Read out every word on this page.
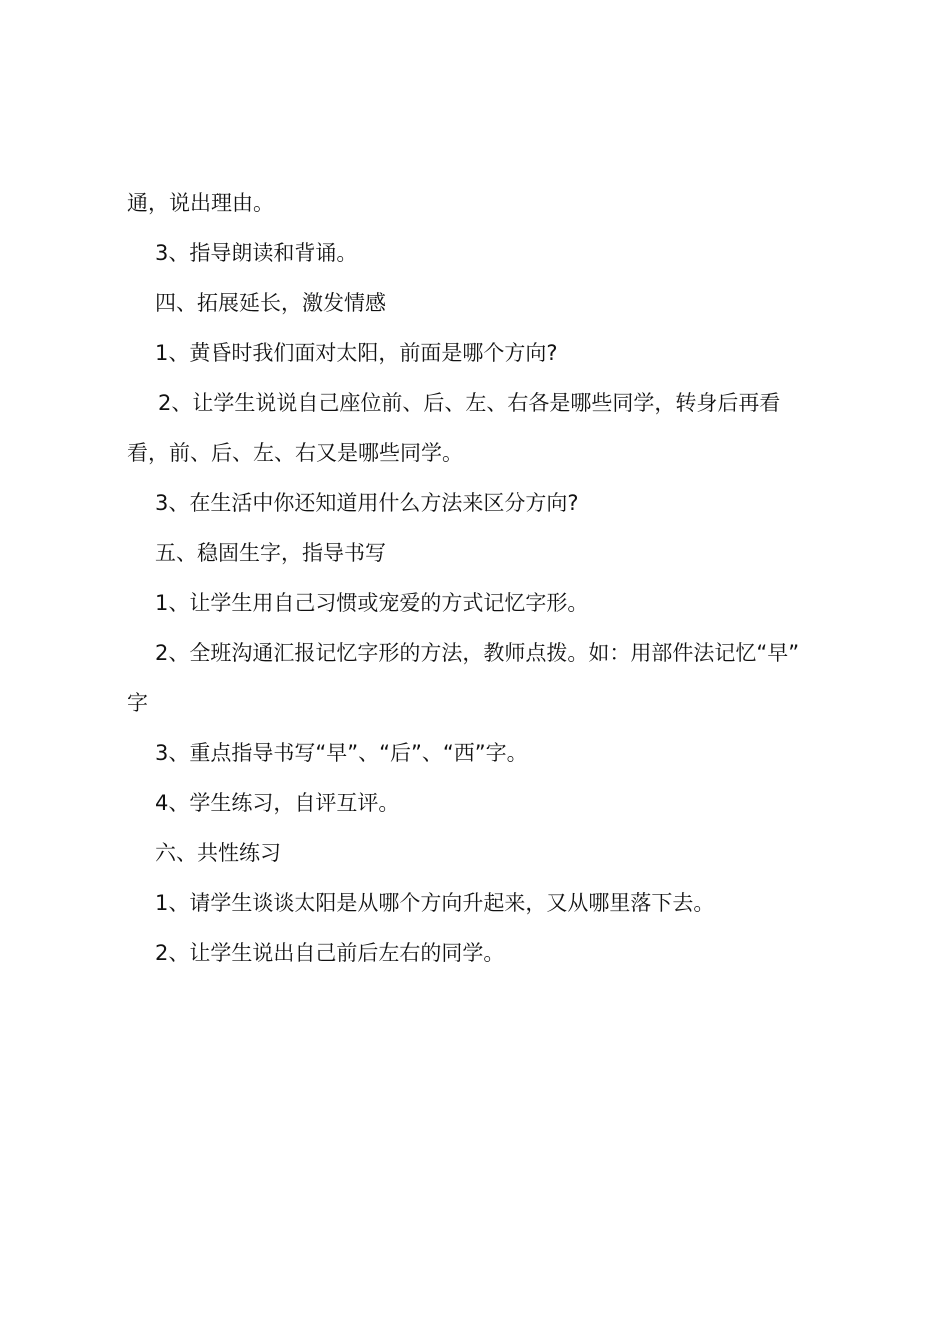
通，说出理由。
3、指导朗读和背诵。
四、拓展延长，激发情感
1、黄昏时我们面对太阳，前面是哪个方向?
2、让学生说说自己座位前、后、左、右各是哪些同学，转身后再看
看，前、后、左、右又是哪些同学。
3、在生活中你还知道用什么方法来区分方向?
五、稳固生字，指导书写
1、让学生用自己习惯或宠爱的方式记忆字形。
2、全班沟通汇报记忆字形的方法，教师点拨。如：用部件法记忆“早”
字
3、重点指导书写“早”、“后”、“西”字。
4、学生练习，自评互评。
六、共性练习
1、请学生谈谈太阳是从哪个方向升起来，又从哪里落下去。
2、让学生说出自己前后左右的同学。
